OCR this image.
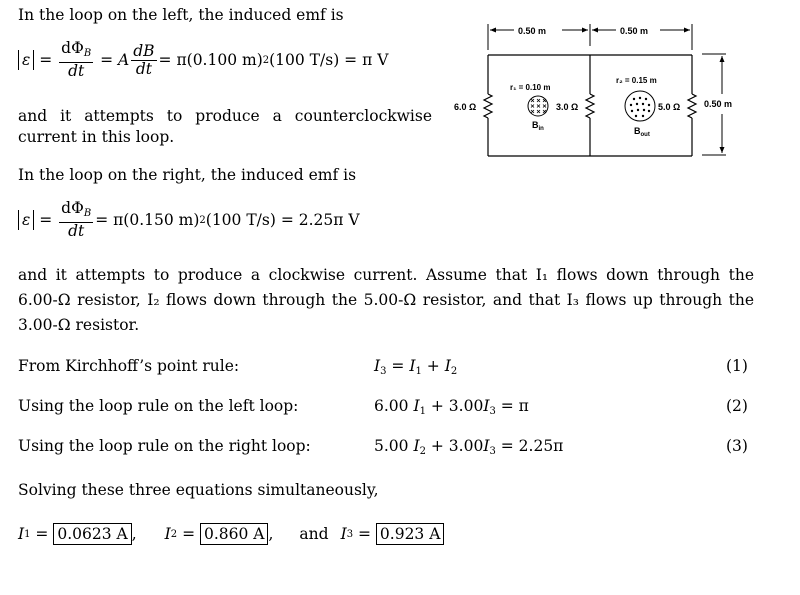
In the loop on the left, the induced emf is
$\varepsilon = \frac{d\Phi_B}{dt} = A \frac{dB}{dt} = \pi(0.100$ m) 2 (100 T/s) = π V
and it attempts to produce a counterclockwise
current in this loop.
In the loop on the right, the induced emf is
$\varepsilon = \frac{d\Phi_B}{dt} = \pi(0.150$ m) 2 (100 T/s) = 2.25π V
and it attempts to produce a clockwise current. Assume that I₁ flows down through the
6.00-Ω resistor, I₂ flows down through the 5.00-Ω resistor, and that I₃ flows up through the
3.00-Ω resistor.
From Kirchhoff’s point rule:	$I_3 = I_1 + I_2$	(1)
Using the loop rule on the left loop:	6.00 $I_1 + 3.00I_3 = \pi$	(2)
Using the loop rule on the right loop:	5.00 $I_2 + 3.00I_3 = 2.25\pi$	(3)
Solving these three equations simultaneously,
I 1 = 0.0623 A , I 2 = 0.860 A , and I 3 = 0.923 A
0.50 m	0.50 m
0.50 m
6.0 Ω	3.0 Ω	5.0 Ω
r₁ = 0.10 m
$B_{in}$
r₂ = 0.15 m
$B_{out}$
